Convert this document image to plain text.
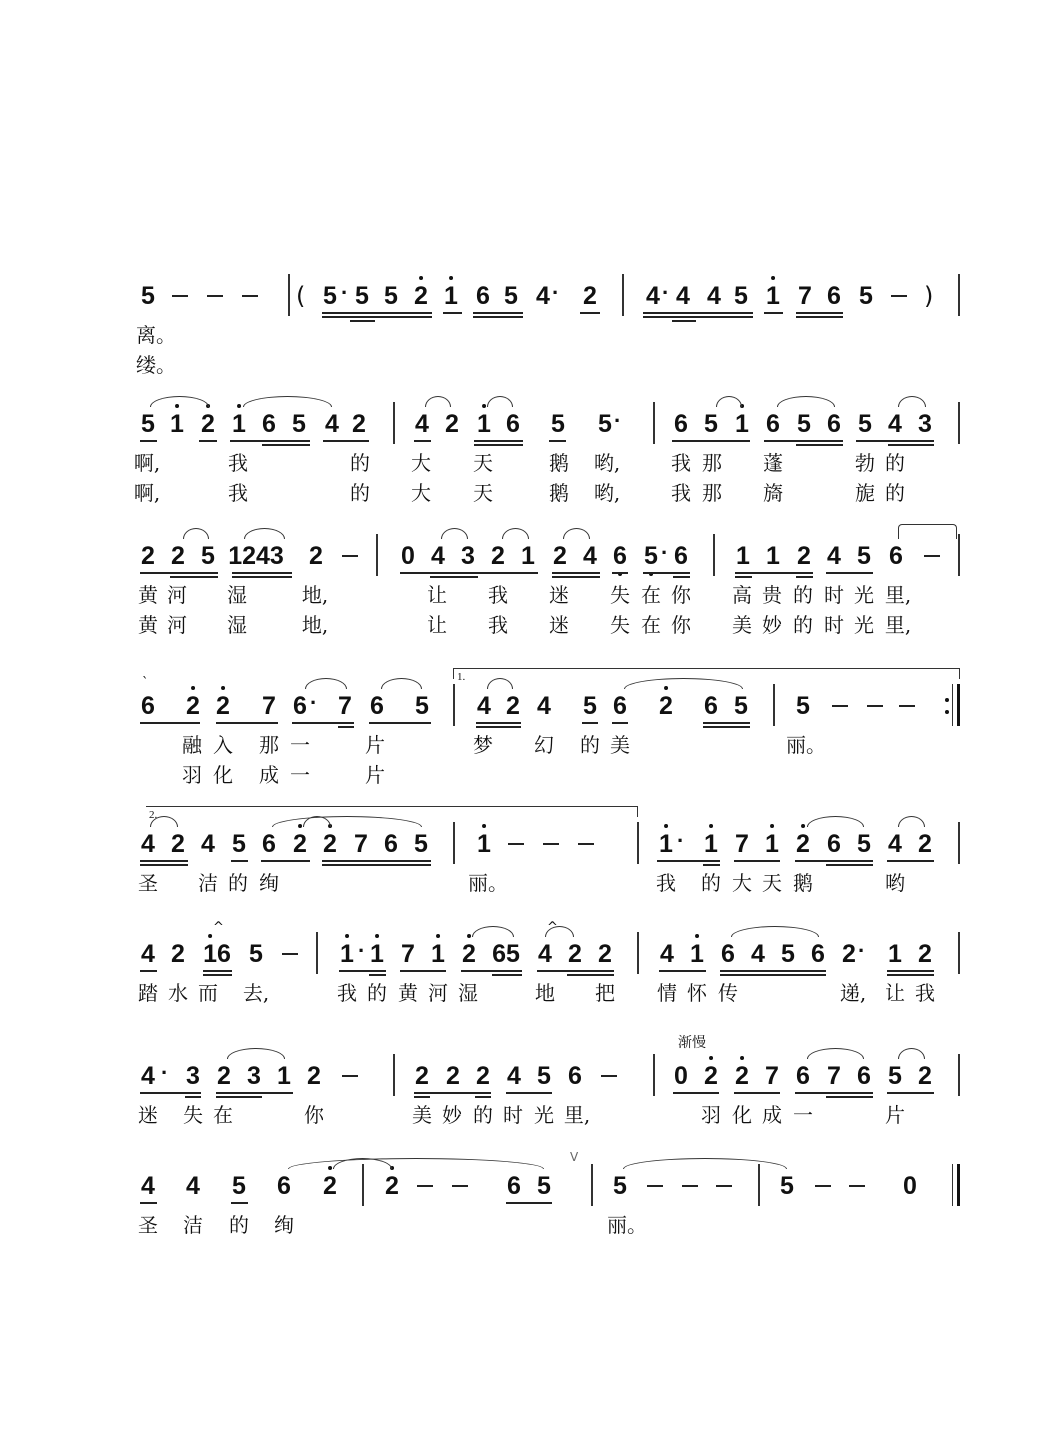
5	5 5 5 2 1 6 5 4 2 4 4 4 5 1 7 6 5
·	·	·
(	)
离。
缕。
5 1 2 1 6 5 4 2 4 2 1 6 5 5 6 5 1 6 5 6 5 4 3
·
啊,	我	的 大 天	鹅 哟,	我 那 蓬	勃 的
啊,	我	的 大 天	鹅 哟,	我 那 旖	旎 的
2 2 5 1243 2	0 4 3 2 1 2 4 6 5 6 1 1 2 4 5 6
·
黄 河 湿	地,	让 我 迷 失 在 你 高 贵 的 时 光 里,
黄 河 湿	地,	让 我 迷 失 在 你 美 妙 的 时 光 里,
6 2 2 7 6 7 6 5 4 2 4 5 6 2 6 5 5
·
1.
`
融 入 那 一	片	梦 幻 的 美	丽。
羽 化 成 一	片
4 2 4 5 6 2 2 7 6 5 1	1 1 7 1 2 6 5 4 2
·
2.
圣 洁 的 绚	丽。	我 的 大 天 鹅	哟
4 2 16 5	1 1 7 1 2 65 4 2 2 4 1 6 4 5 6 2 1 2
·	·
^	^
踏 水 而 去,	我 的 黄 河 湿	地 把 情 怀 传	递, 让 我
4 3 2 3 1 2	2 2 2 4 5 6	0 2 2 7 6 7 6 5 2
·
渐慢
迷 失 在	你	美 妙 的 时 光 里,	羽 化 成 一	片
4 4 5 6 2 2	6 5 5	5	0
V
圣 洁 的 绚	丽。
